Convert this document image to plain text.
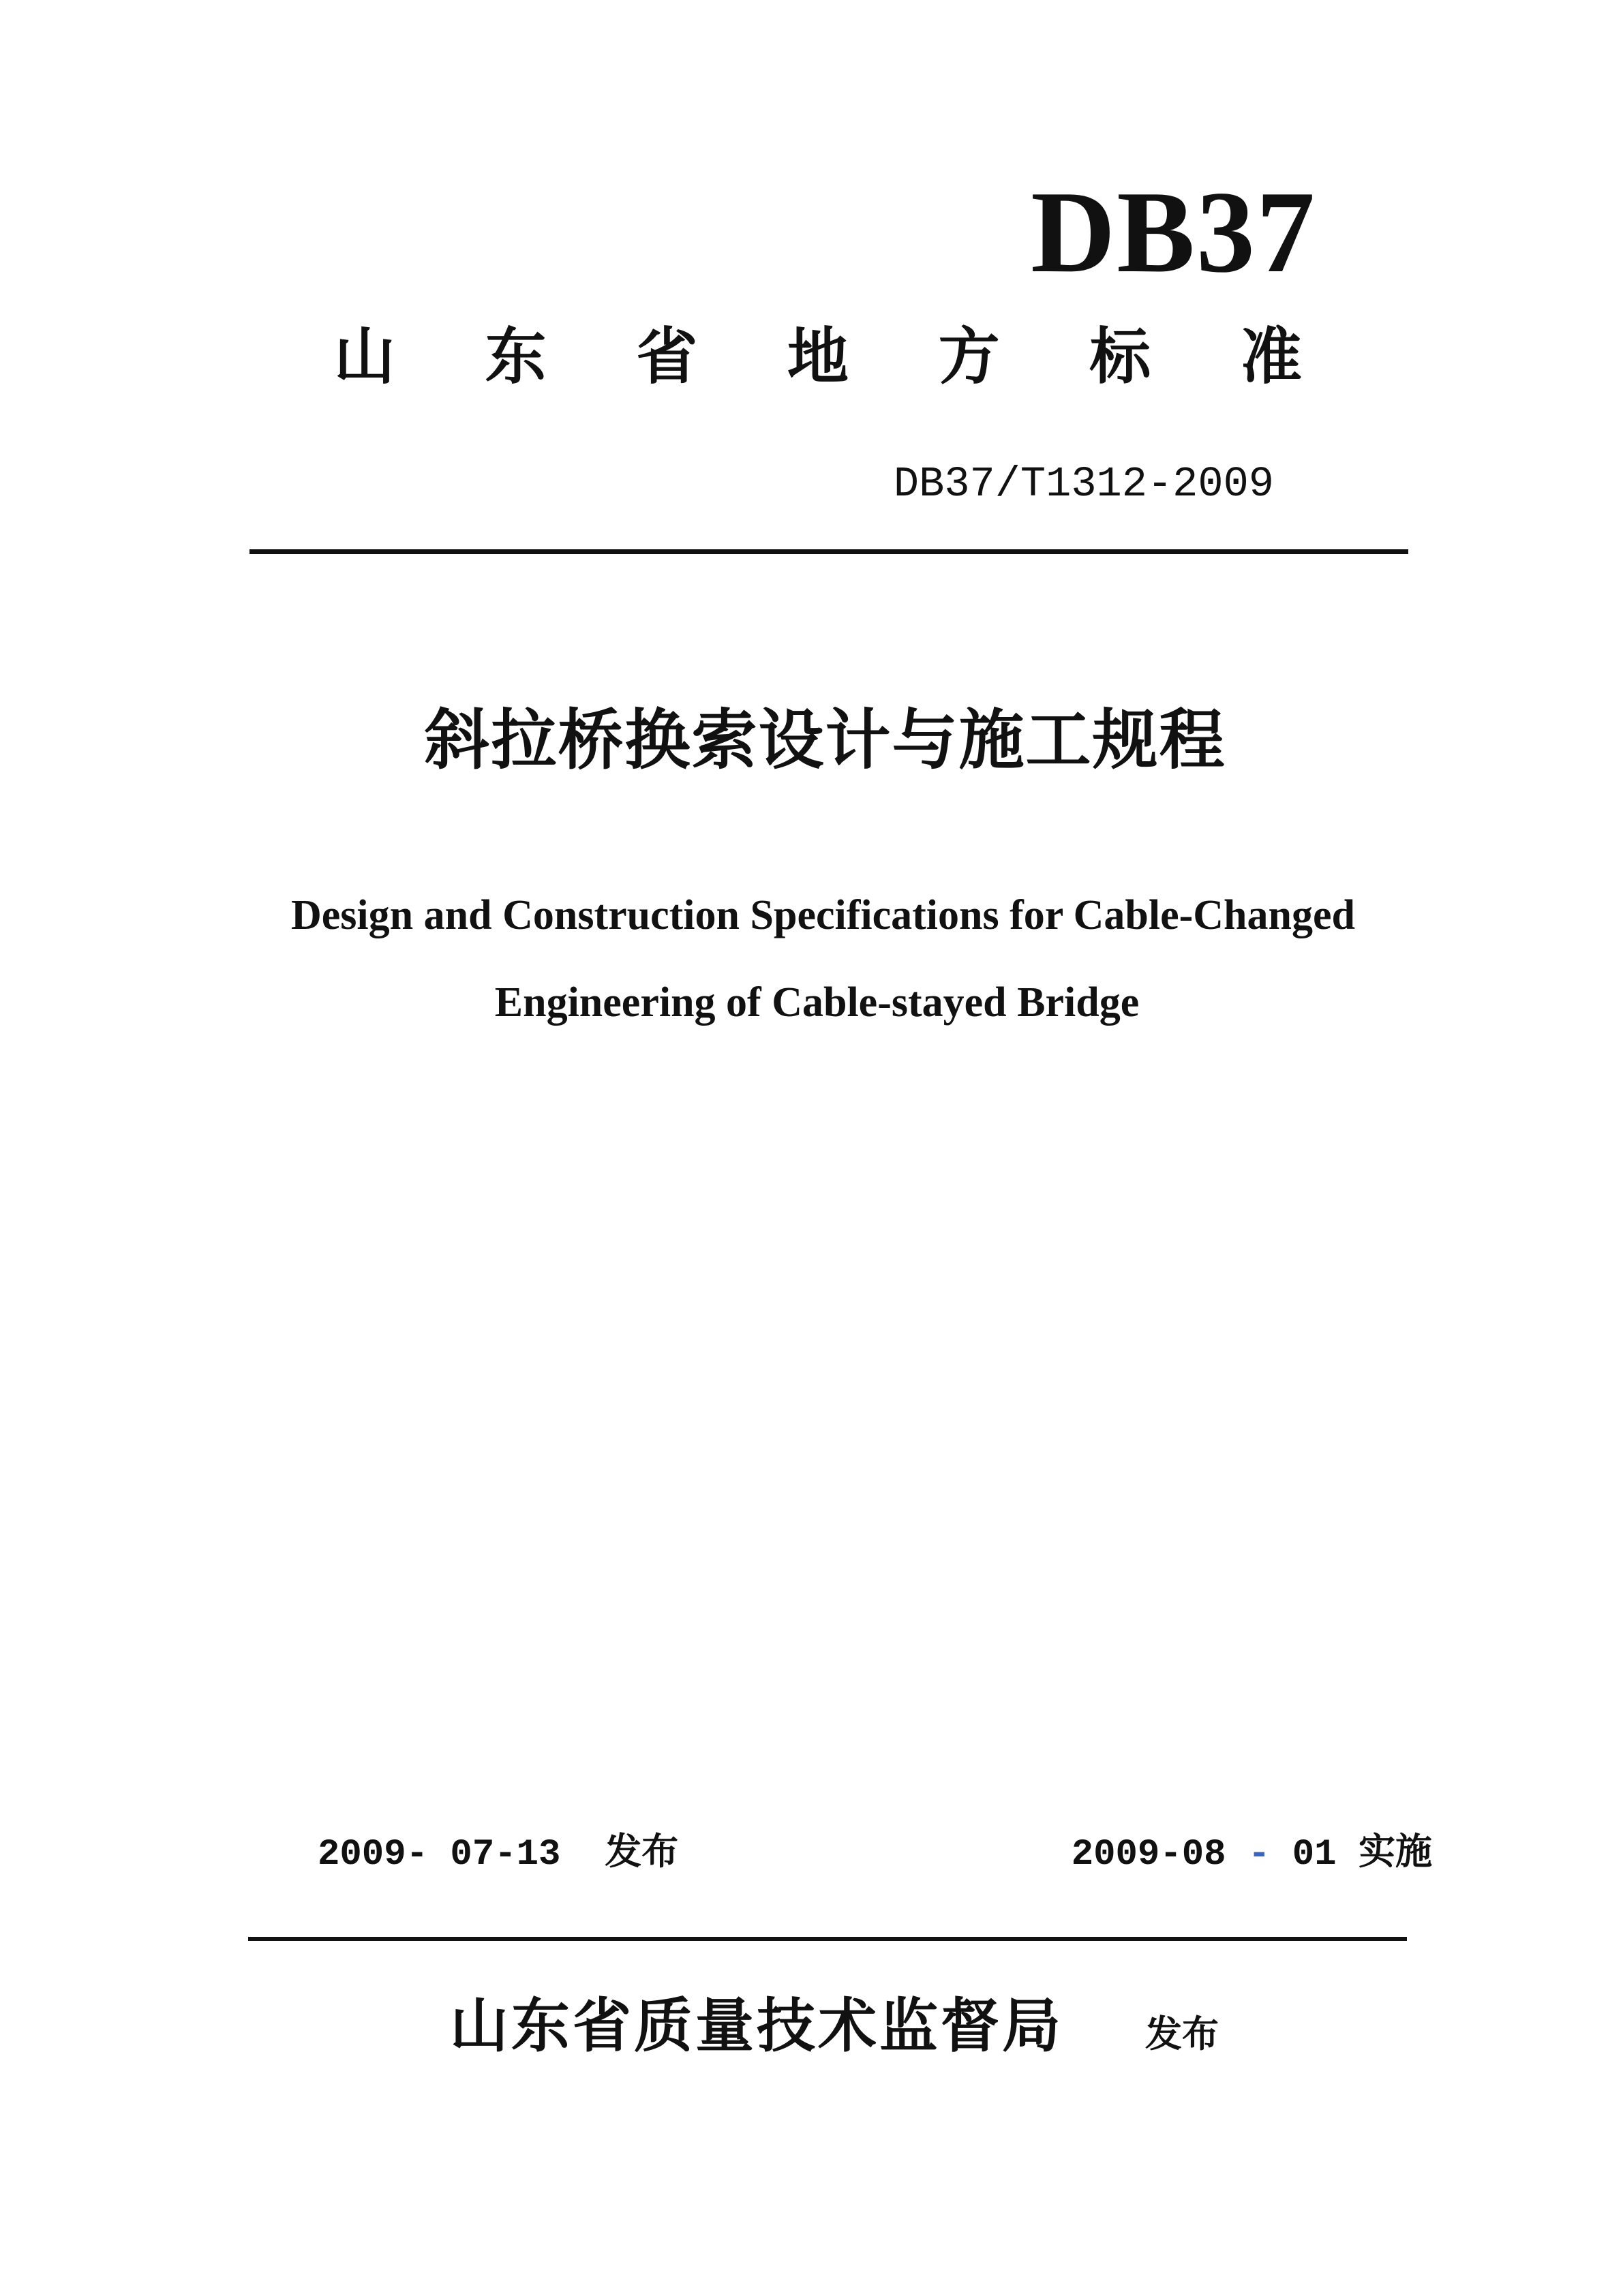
DB37
山 东 省 地 方 标 准
DB37/T1312-2009
斜拉桥换索设计与施工规程
Design and Construction Specifications for Cable-Changed
Engineering of Cable-stayed Bridge
2009- 07-13 发布	2009-08 - 01 实施
山东省质量技术监督局 发布
